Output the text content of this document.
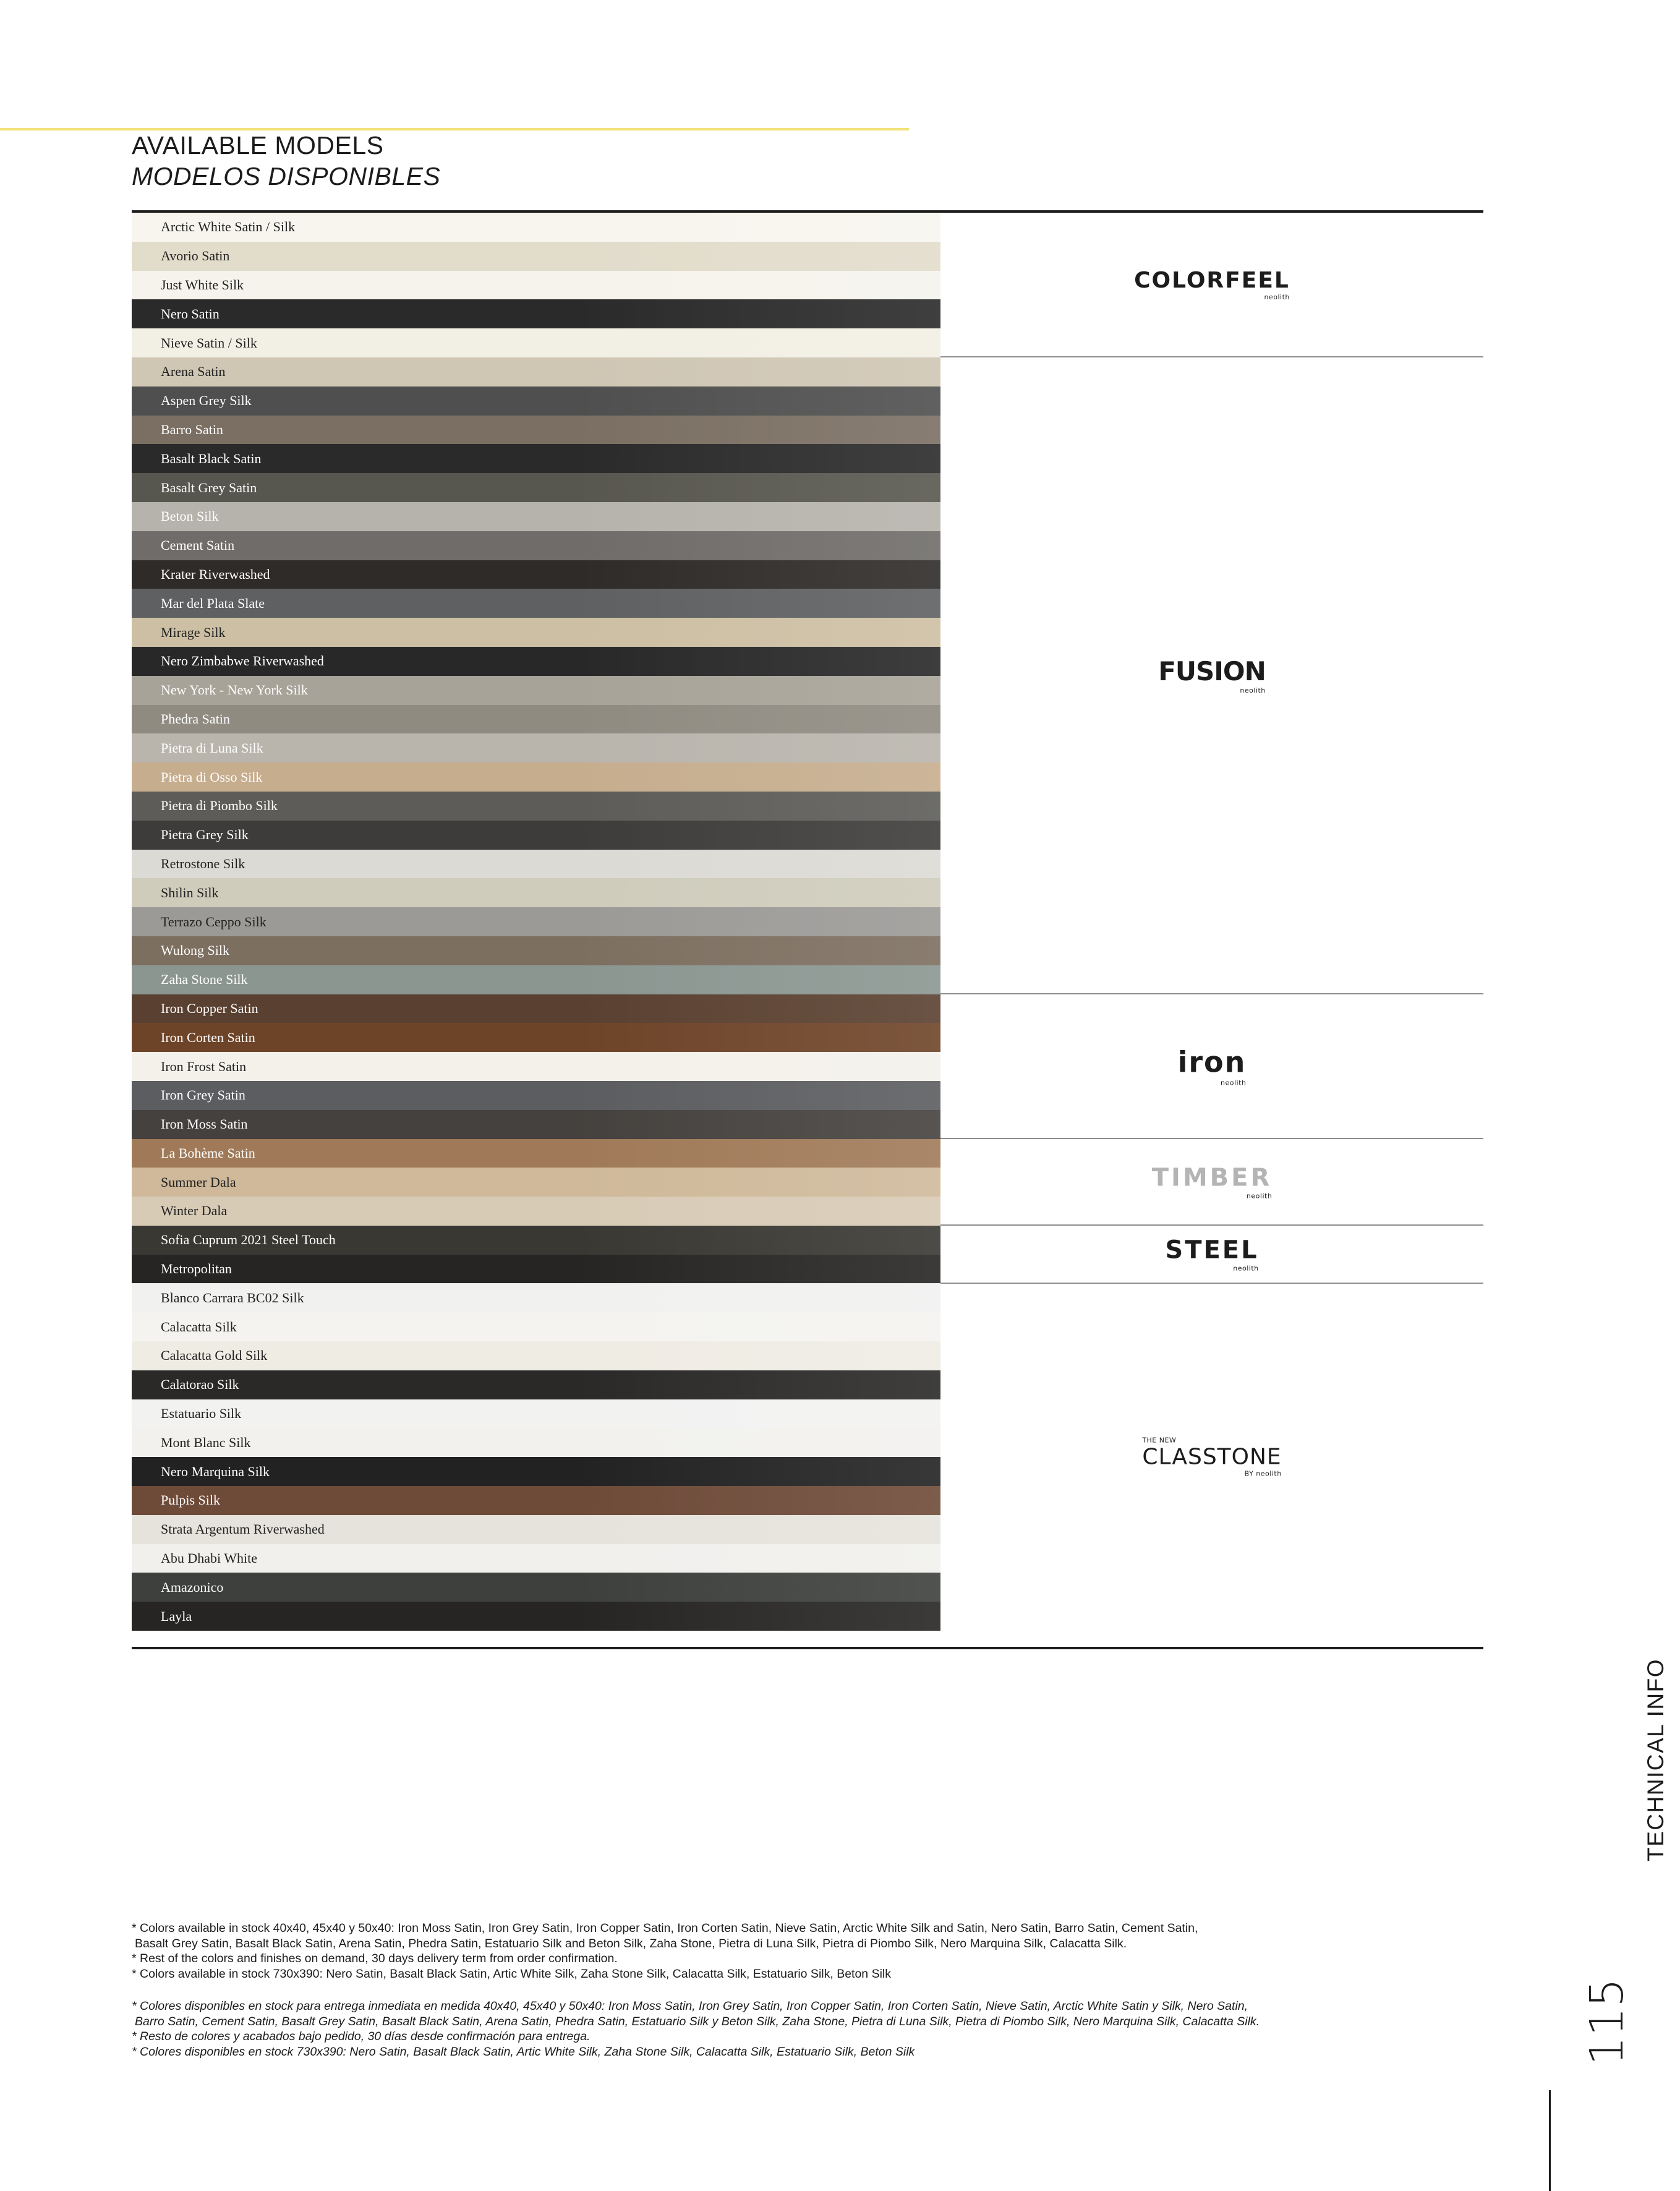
AVAILABLE MODELS
MODELOS DISPONIBLES
Arctic White Satin / Silk
Avorio Satin
Just White Silk
Nero Satin
Nieve Satin / Silk
Arena Satin
Aspen Grey Silk
Barro Satin
Basalt Black Satin
Basalt Grey Satin
Beton Silk
Cement Satin
Krater Riverwashed
Mar del Plata Slate
Mirage Silk
Nero Zimbabwe Riverwashed
New York - New York Silk
Phedra Satin
Pietra di Luna Silk
Pietra di Osso Silk
Pietra di Piombo Silk
Pietra Grey Silk
Retrostone Silk
Shilin Silk
Terrazo Ceppo Silk
Wulong Silk
Zaha Stone Silk
Iron Copper Satin
Iron Corten Satin
Iron Frost Satin
Iron Grey Satin
Iron Moss Satin
La Bohème Satin
Summer Dala
Winter Dala
Sofia Cuprum 2021 Steel Touch
Metropolitan
Blanco Carrara BC02 Silk
Calacatta Silk
Calacatta Gold Silk
Calatorao Silk
Estatuario Silk
Mont Blanc Silk
Nero Marquina Silk
Pulpis Silk
Strata Argentum Riverwashed
Abu Dhabi White
Amazonico
Layla
COLORFEEL
neolith
FUSION
neolith
iron
neolith
TIMBER
neolith
STEEL
neolith
THE NEW
CLASSTONE
BY neolith

* Colors available in stock 40x40, 45x40 y 50x40: Iron Moss Satin, Iron Grey Satin, Iron Copper Satin, Iron Corten Satin, Nieve Satin, Arctic White Silk and Satin, Nero Satin, Barro Satin, Cement Satin,

Basalt Grey Satin, Basalt Black Satin, Arena Satin, Phedra Satin, Estatuario Silk and Beton Silk, Zaha Stone, Pietra di Luna Silk, Pietra di Piombo Silk, Nero Marquina Silk, Calacatta Silk.

* Rest of the colors and finishes on demand, 30 days delivery term from order confirmation.

* Colors available in stock 730x390: Nero Satin, Basalt Black Satin, Artic White Silk, Zaha Stone Silk, Calacatta Silk, Estatuario Silk, Beton Silk

* Colores disponibles en stock para entrega inmediata en medida 40x40, 45x40 y 50x40: Iron Moss Satin, Iron Grey Satin, Iron Copper Satin, Iron Corten Satin, Nieve Satin, Arctic White Satin y Silk, Nero Satin,

Barro Satin, Cement Satin, Basalt Grey Satin, Basalt Black Satin, Arena Satin, Phedra Satin, Estatuario Silk y Beton Silk, Zaha Stone, Pietra di Luna Silk, Pietra di Piombo Silk, Nero Marquina Silk, Calacatta Silk.

* Resto de colores y acabados bajo pedido, 30 días desde confirmación para entrega.

* Colores disponibles en stock 730x390: Nero Satin, Basalt Black Satin, Artic White Silk, Zaha Stone Silk, Calacatta Silk, Estatuario Silk, Beton Silk

TECHNICAL INFO
115
